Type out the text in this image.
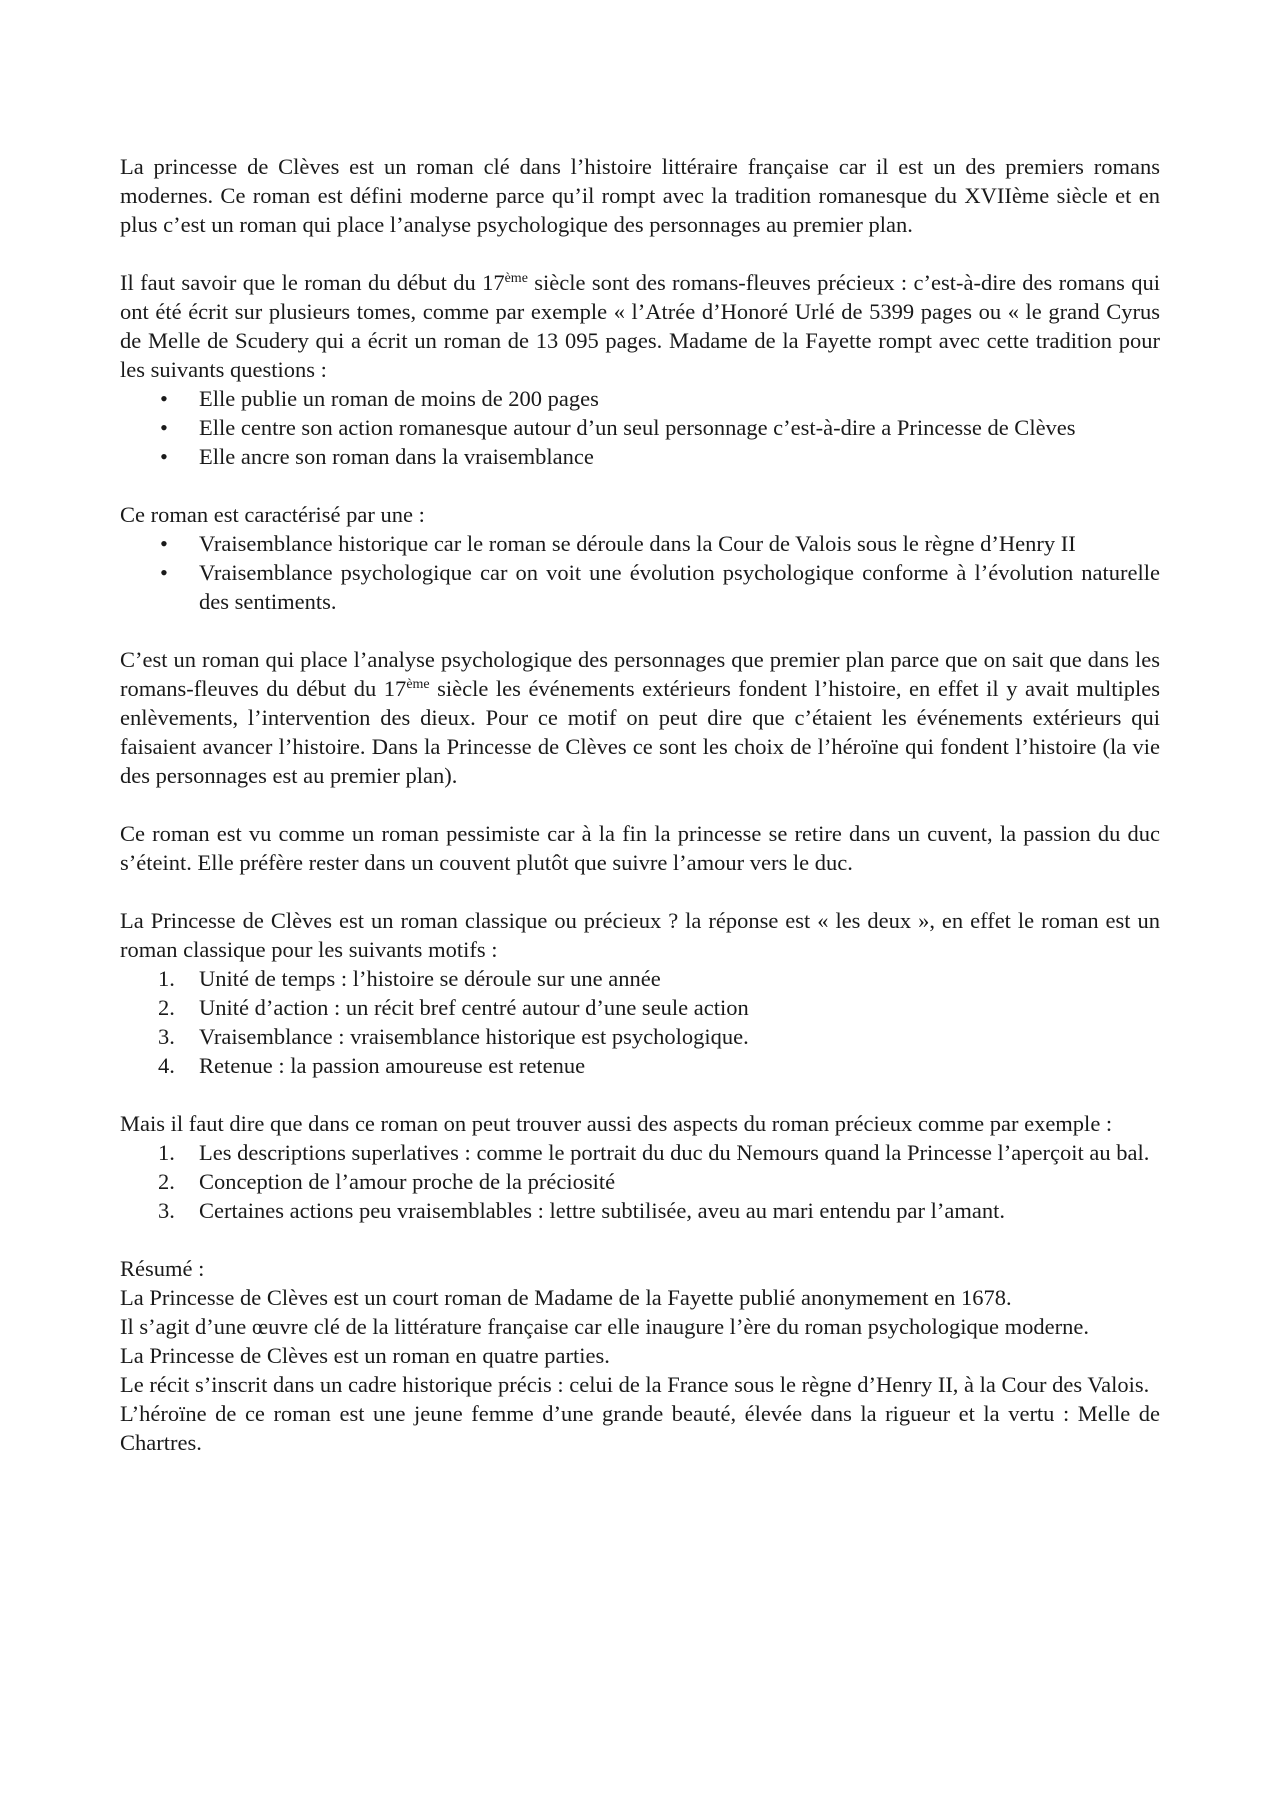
La princesse de Clèves est un roman clé dans l’histoire littéraire française car il est un des premiers romans modernes. Ce roman est défini moderne parce qu’il rompt avec la tradition romanesque du XVIIème siècle et en plus c’est un roman qui place l’analyse psychologique des personnages au premier plan.

Il faut savoir que le roman du début du 17ème siècle sont des romans-fleuves précieux : c’est-à-dire des romans qui ont été écrit sur plusieurs tomes, comme par exemple « l’Atrée d’Honoré Urlé de 5399 pages ou « le grand Cyrus de Melle de Scudery qui a écrit un roman de 13 095 pages. Madame de la Fayette rompt avec cette tradition pour les suivants questions :

• Elle publie un roman de moins de 200 pages
• Elle centre son action romanesque autour d’un seul personnage c’est-à-dire a Princesse de Clèves
• Elle ancre son roman dans la vraisemblance

Ce roman est caractérisé par une :

• Vraisemblance historique car le roman se déroule dans la Cour de Valois sous le règne d’Henry II
• Vraisemblance psychologique car on voit une évolution psychologique conforme à l’évolution naturelle des sentiments.

C’est un roman qui place l’analyse psychologique des personnages que premier plan parce que on sait que dans les romans-fleuves du début du 17ème siècle les événements extérieurs fondent l’histoire, en effet il y avait multiples enlèvements, l’intervention des dieux. Pour ce motif on peut dire que c’étaient les événements extérieurs qui faisaient avancer l’histoire. Dans la Princesse de Clèves ce sont les choix de l’héroïne qui fondent l’histoire (la vie des personnages est au premier plan).

Ce roman est vu comme un roman pessimiste car à la fin la princesse se retire dans un cuvent, la passion du duc s’éteint. Elle préfère rester dans un couvent plutôt que suivre l’amour vers le duc.

La Princesse de Clèves est un roman classique ou précieux ? la réponse est « les deux », en effet le roman est un roman classique pour les suivants motifs :

1. Unité de temps : l’histoire se déroule sur une année
2. Unité d’action : un récit bref centré autour d’une seule action
3. Vraisemblance : vraisemblance historique est psychologique.
4. Retenue : la passion amoureuse est retenue

Mais il faut dire que dans ce roman on peut trouver aussi des aspects du roman précieux comme par exemple :

1. Les descriptions superlatives : comme le portrait du duc du Nemours quand la Princesse l’aperçoit au bal.
2. Conception de l’amour proche de la préciosité
3. Certaines actions peu vraisemblables : lettre subtilisée, aveu au mari entendu par l’amant.

Résumé :

La Princesse de Clèves est un court roman de Madame de la Fayette publié anonymement en 1678.

Il s’agit d’une œuvre clé de la littérature française car elle inaugure l’ère du roman psychologique moderne.

La Princesse de Clèves est un roman en quatre parties.

Le récit s’inscrit dans un cadre historique précis : celui de la France sous le règne d’Henry II, à la Cour des Valois.

L’héroïne de ce roman est une jeune femme d’une grande beauté, élevée dans la rigueur et la vertu : Melle de Chartres.
